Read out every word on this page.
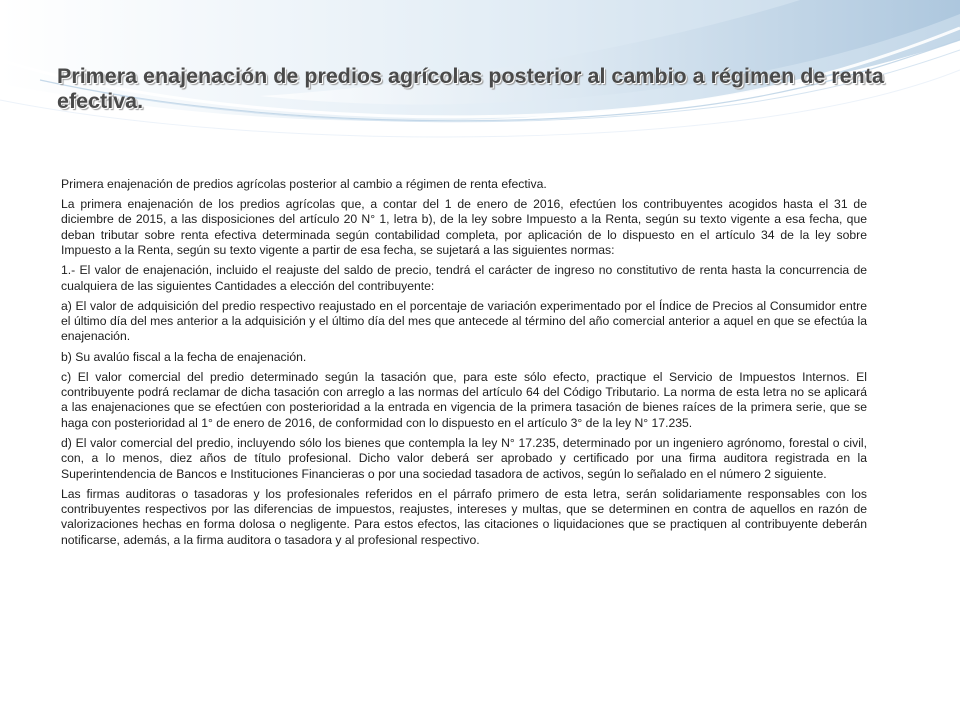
Primera enajenación de predios agrícolas posterior al cambio a régimen de renta efectiva.

Primera enajenación de predios agrícolas posterior al cambio a régimen de renta efectiva.

La primera enajenación de los predios agrícolas que, a contar del 1 de enero de 2016, efectúen los contribuyentes acogidos hasta el 31 de diciembre de 2015, a las disposiciones del artículo 20 N° 1, letra b), de la ley sobre Impuesto a la Renta, según su texto vigente a esa fecha, que deban tributar sobre renta efectiva determinada según contabilidad completa, por aplicación de lo dispuesto en el artículo 34 de la ley sobre Impuesto a la Renta, según su texto vigente a partir de esa fecha, se sujetará a las siguientes normas:

1.- El valor de enajenación, incluido el reajuste del saldo de precio, tendrá el carácter de ingreso no constitutivo de renta hasta la concurrencia de cualquiera de las siguientes Cantidades a elección del contribuyente:

a) El valor de adquisición del predio respectivo reajustado en el porcentaje de variación experimentado por el Índice de Precios al Consumidor entre el último día del mes anterior a la adquisición y el último día del mes que antecede al término del año comercial anterior a aquel en que se efectúa la enajenación.

b) Su avalúo fiscal a la fecha de enajenación.

c) El valor comercial del predio determinado según la tasación que, para este sólo efecto, practique el Servicio de Impuestos Internos. El contribuyente podrá reclamar de dicha tasación con arreglo a las normas del artículo 64 del Código Tributario. La norma de esta letra no se aplicará a las enajenaciones que se efectúen con posterioridad a la entrada en vigencia de la primera tasación de bienes raíces de la primera serie, que se haga con posterioridad al 1° de enero de 2016, de conformidad con lo dispuesto en el artículo 3° de la ley N° 17.235.

d) El valor comercial del predio, incluyendo sólo los bienes que contempla la ley N° 17.235, determinado por un ingeniero agrónomo, forestal o civil, con, a lo menos, diez años de título profesional. Dicho valor deberá ser aprobado y certificado por una firma auditora registrada en la Superintendencia de Bancos e Instituciones Financieras o por una sociedad tasadora de activos, según lo señalado en el número 2 siguiente.

Las firmas auditoras o tasadoras y los profesionales referidos en el párrafo primero de esta letra, serán solidariamente responsables con los contribuyentes respectivos por las diferencias de impuestos, reajustes, intereses y multas, que se determinen en contra de aquellos en razón de valorizaciones hechas en forma dolosa o negligente. Para estos efectos, las citaciones o liquidaciones que se practiquen al contribuyente deberán notificarse, además, a la firma auditora o tasadora y al profesional respectivo.
